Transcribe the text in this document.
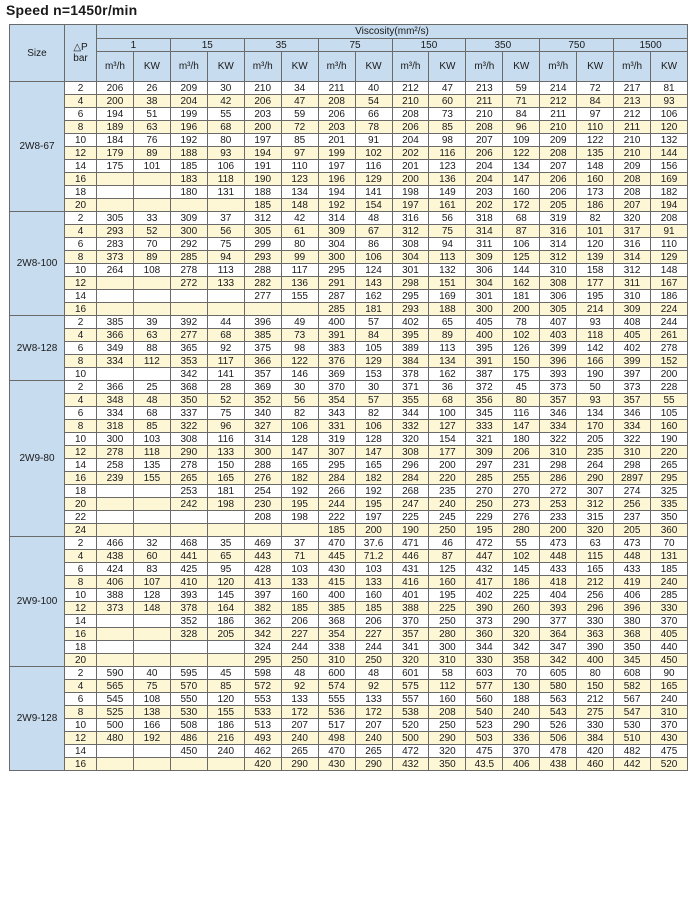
Speed n=1450r/min
Size	△P
bar	Viscosity(mm²/s)															
		1		15		35		75		150		350		750		1500	
		m³/h	KW	m³/h	KW	m³/h	KW	m³/h	KW	m³/h	KW	m³/h	KW	m³/h	KW	m³/h	KW
2W8-67	2	206	26	209	30	210	34	211	40	212	47	213	59	214	72	217	81
	4	200	38	204	42	206	47	208	54	210	60	211	71	212	84	213	93
	6	194	51	199	55	203	59	206	66	208	73	210	84	211	97	212	106
	8	189	63	196	68	200	72	203	78	206	85	208	96	210	110	211	120
	10	184	76	192	80	197	85	201	91	204	98	207	109	209	122	210	132
	12	179	89	188	93	194	97	199	102	202	116	206	122	208	135	210	144
	14	175	101	185	106	191	110	197	116	201	123	204	134	207	148	209	156
	16			183	118	190	123	196	129	200	136	204	147	206	160	208	169
	18			180	131	188	134	194	141	198	149	203	160	206	173	208	182
	20					185	148	192	154	197	161	202	172	205	186	207	194
2W8-100	2	305	33	309	37	312	42	314	48	316	56	318	68	319	82	320	208
	4	293	52	300	56	305	61	309	67	312	75	314	87	316	101	317	91
	6	283	70	292	75	299	80	304	86	308	94	311	106	314	120	316	110
	8	373	89	285	94	293	99	300	106	304	113	309	125	312	139	314	129
	10	264	108	278	113	288	117	295	124	301	132	306	144	310	158	312	148
	12			272	133	282	136	291	143	298	151	304	162	308	177	311	167
	14					277	155	287	162	295	169	301	181	306	195	310	186
	16							285	181	293	188	300	200	305	214	309	224
2W8-128	2	385	39	392	44	396	49	400	57	402	65	405	78	407	93	408	244
	4	366	63	277	68	385	73	391	84	395	89	400	102	403	118	405	261
	6	349	88	365	92	375	98	383	105	389	113	395	126	399	142	402	278
	8	334	112	353	117	366	122	376	129	384	134	391	150	396	166	399	152
	10			342	141	357	146	369	153	378	162	387	175	393	190	397	200
2W9-80	2	366	25	368	28	369	30	370	30	371	36	372	45	373	50	373	228
	4	348	48	350	52	352	56	354	57	355	68	356	80	357	93	357	55
	6	334	68	337	75	340	82	343	82	344	100	345	116	346	134	346	105
	8	318	85	322	96	327	106	331	106	332	127	333	147	334	170	334	160
	10	300	103	308	116	314	128	319	128	320	154	321	180	322	205	322	190
	12	278	118	290	133	300	147	307	147	308	177	309	206	310	235	310	220
	14	258	135	278	150	288	165	295	165	296	200	297	231	298	264	298	265
	16	239	155	265	165	276	182	284	182	284	220	285	255	286	290	2897	295
	18			253	181	254	192	266	192	268	235	270	270	272	307	274	325
	20			242	198	230	195	244	195	247	240	250	273	253	312	256	335
	22					208	198	222	197	225	245	229	276	233	315	237	350
	24							185	200	190	250	195	280	200	320	205	360
2W9-100	2	466	32	468	35	469	37	470	37.6	471	46	472	55	473	63	473	70
	4	438	60	441	65	443	71	445	71.2	446	87	447	102	448	115	448	131
	6	424	83	425	95	428	103	430	103	431	125	432	145	433	165	433	185
	8	406	107	410	120	413	133	415	133	416	160	417	186	418	212	419	240
	10	388	128	393	145	397	160	400	160	401	195	402	225	404	256	406	285
	12	373	148	378	164	382	185	385	185	388	225	390	260	393	296	396	330
	14			352	186	362	206	368	206	370	250	373	290	377	330	380	370
	16			328	205	342	227	354	227	357	280	360	320	364	363	368	405
	18					324	244	338	244	341	300	344	342	347	390	350	440
	20					295	250	310	250	320	310	330	358	342	400	345	450
2W9-128	2	590	40	595	45	598	48	600	48	601	58	603	70	605	80	608	90
	4	565	75	570	85	572	92	574	92	575	112	577	130	580	150	582	165
	6	545	108	550	120	553	133	555	133	557	160	560	188	563	212	567	240
	8	525	138	530	155	533	172	536	172	538	208	540	240	543	275	547	310
	10	500	166	508	186	513	207	517	207	520	250	523	290	526	330	530	370
	12	480	192	486	216	493	240	498	240	500	290	503	336	506	384	510	430
	14			450	240	462	265	470	265	472	320	475	370	478	420	482	475
	16					420	290	430	290	432	350	43.5	406	438	460	442	520
